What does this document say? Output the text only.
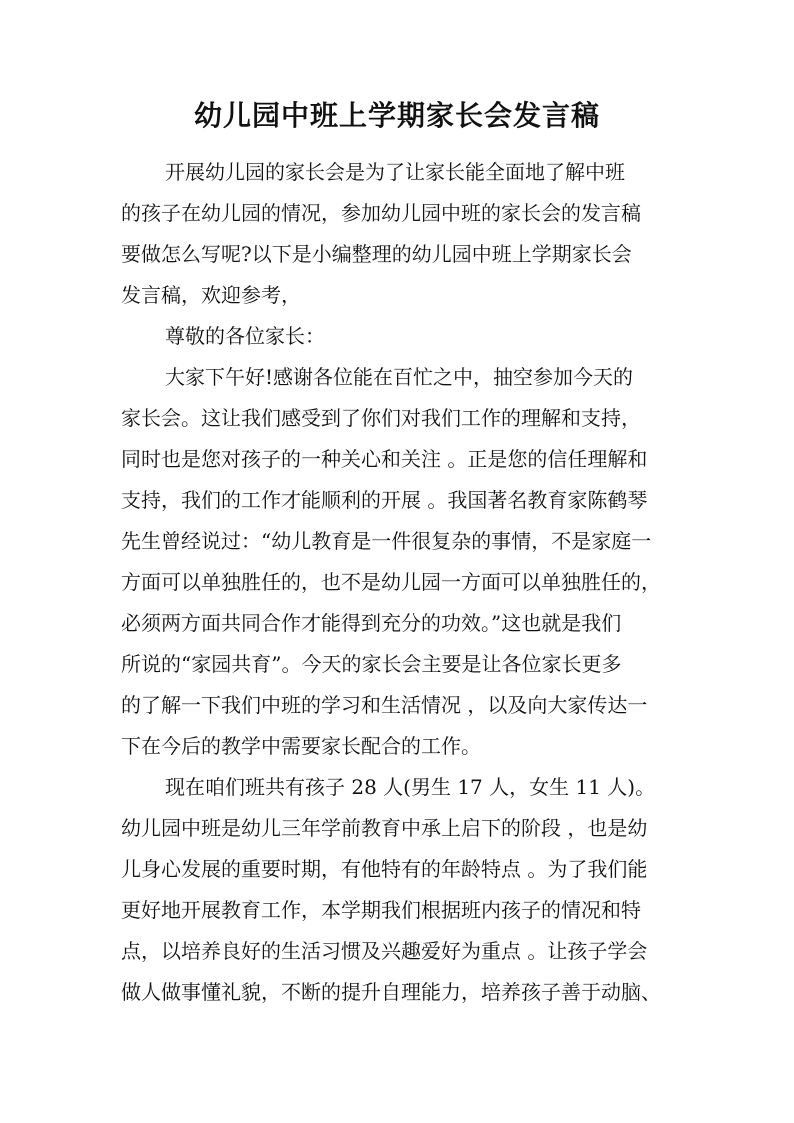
幼儿园中班上学期家长会发言稿
开展幼儿园的家长会是为了让家长能全面地了解中班
的孩子在幼儿园的情况，参加幼儿园中班的家长会的发言稿
要做怎么写呢?以下是小编整理的幼儿园中班上学期家长会
发言稿，欢迎参考，
尊敬的各位家长：
大家下午好!感谢各位能在百忙之中，抽空参加今天的
家长会。这让我们感受到了你们对我们工作的理解和支持，
同时也是您对孩子的一种关心和关注 。正是您的信任理解和
支持，我们的工作才能顺利的开展 。我国著名教育家陈鹤琴
先生曾经说过：“幼儿教育是一件很复杂的事情，不是家庭一
方面可以单独胜任的，也不是幼儿园一方面可以单独胜任的，
必须两方面共同合作才能得到充分的功效。”这也就是我们
所说的“家园共育”。今天的家长会主要是让各位家长更多
的了解一下我们中班的学习和生活情况 ，以及向大家传达一
下在今后的教学中需要家长配合的工作。
现在咱们班共有孩子 28 人(男生 17 人，女生 11 人)。
幼儿园中班是幼儿三年学前教育中承上启下的阶段 ，也是幼
儿身心发展的重要时期，有他特有的年龄特点 。为了我们能
更好地开展教育工作，本学期我们根据班内孩子的情况和特
点，以培养良好的生活习惯及兴趣爱好为重点 。让孩子学会
做人做事懂礼貌，不断的提升自理能力，培养孩子善于动脑、
